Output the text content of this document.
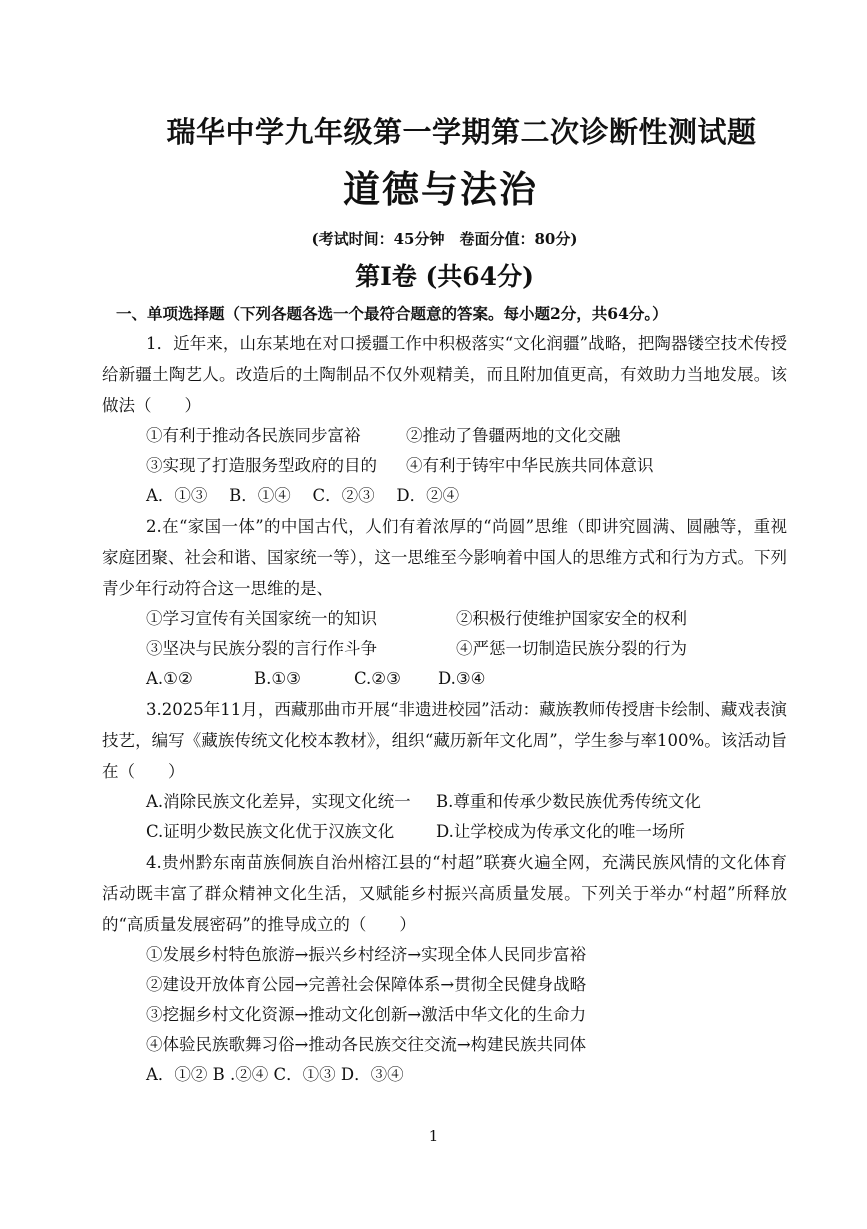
瑞华中学九年级第一学期第二次诊断性测试题
道德与法治
(考试时间：45分钟　卷面分值：80分)
第Ⅰ卷 (共64分)
一、单项选择题（下列各题各选一个最符合题意的答案。每小题2分，共64分。）

1．近年来，山东某地在对口援疆工作中积极落实“文化润疆”战略，把陶器镂空技术传授给新疆土陶艺人。改造后的土陶制品不仅外观精美，而且附加值更高，有效助力当地发展。该做法（　　）

①有利于推动各民族同步富裕	②推动了鲁疆两地的文化交融
③实现了打造服务型政府的目的	④有利于铸牢中华民族共同体意识
A．①③　 B．①④　 C．②③　 D．②④

2.在“家国一体”的中国古代，人们有着浓厚的“尚圆”思维（即讲究圆满、圆融等，重视家庭团聚、社会和谐、国家统一等），这一思维至今影响着中国人的思维方式和行为方式。下列青少年行动符合这一思维的是、

①学习宣传有关国家统一的知识	②积极行使维护国家安全的权利
③坚决与民族分裂的言行作斗争	④严惩一切制造民族分裂的行为
A.①②	B.①③	C.②③	D.③④

3.2025年11月，西藏那曲市开展“非遗进校园”活动：藏族教师传授唐卡绘制、藏戏表演技艺，编写《藏族传统文化校本教材》，组织“藏历新年文化周”，学生参与率100%。该活动旨在（　　）

A.消除民族文化差异，实现文化统一	B.尊重和传承少数民族优秀传统文化
C.证明少数民族文化优于汉族文化	D.让学校成为传承文化的唯一场所

4.贵州黔东南苗族侗族自治州榕江县的“村超”联赛火遍全网，充满民族风情的文化体育活动既丰富了群众精神文化生活，又赋能乡村振兴高质量发展。下列关于举办“村超”所释放的“高质量发展密码”的推导成立的（　　）

①发展乡村特色旅游→振兴乡村经济→实现全体人民同步富裕
②建设开放体育公园→完善社会保障体系→贯彻全民健身战略
③挖掘乡村文化资源→推动文化创新→激活中华文化的生命力
④体验民族歌舞习俗→推动各民族交往交流→构建民族共同体
A．①② B .②④ C．①③ D．③④
1
